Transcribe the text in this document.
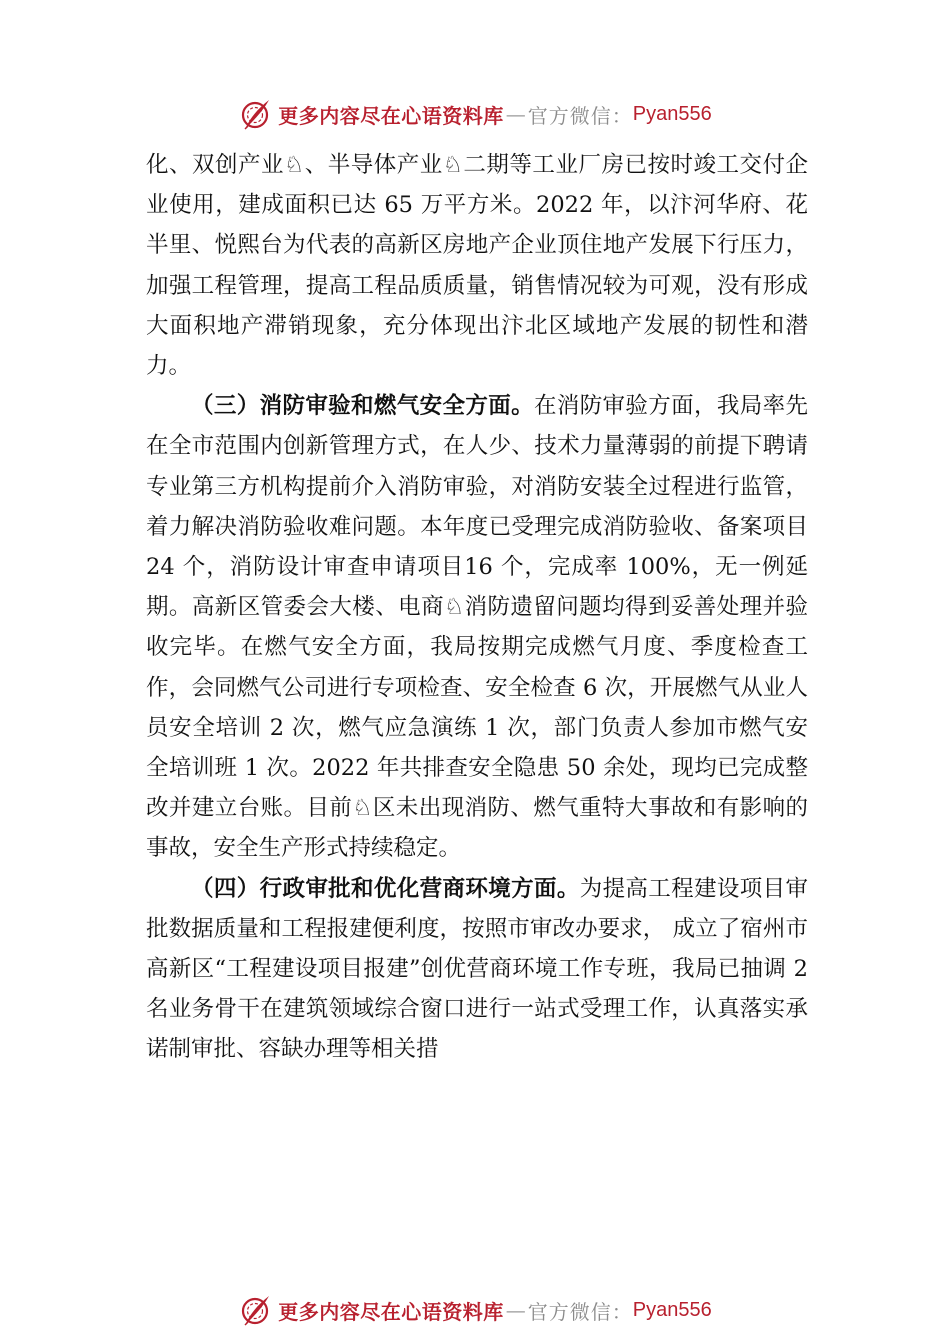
更多内容尽在心语资料库 — 官方微信： Pyan556

化、双创产业♘、半导体产业♘二期等工业厂房已按时竣工交付企业使用，建成面积已达 65 万平方米。2022 年，以汴河华府、花半里、悦熙台为代表的高新区房地产企业顶住地产发展下行压力，加强工程管理，提高工程品质质量，销售情况较为可观，没有形成大面积地产滞销现象，充分体现出汴北区域地产发展的韧性和潜力。

（三）消防审验和燃气安全方面。在消防审验方面，我局率先在全市范围内创新管理方式，在人少、技术力量薄弱的前提下聘请专业第三方机构提前介入消防审验，对消防安装全过程进行监管，着力解决消防验收难问题。本年度已受理完成消防验收、备案项目 24 个，消防设计审查申请项目16 个，完成率 100%，无一例延期。高新区管委会大楼、电商♘消防遗留问题均得到妥善处理并验收完毕。在燃气安全方面，我局按期完成燃气月度、季度检查工作，会同燃气公司进行专项检查、安全检查 6 次，开展燃气从业人员安全培训 2 次，燃气应急演练 1 次，部门负责人参加市燃气安全培训班 1 次。2022 年共排查安全隐患 50 余处，现均已完成整改并建立台账。目前♘区未出现消防、燃气重特大事故和有影响的事故，安全生产形式持续稳定。

（四）行政审批和优化营商环境方面。为提高工程建设项目审批数据质量和工程报建便利度，按照市审改办要求， 成立了宿州市高新区“工程建设项目报建”创优营商环境工作专班，我局已抽调 2 名业务骨干在建筑领域综合窗口进行一站式受理工作，认真落实承诺制审批、容缺办理等相关措

更多内容尽在心语资料库 — 官方微信： Pyan556
